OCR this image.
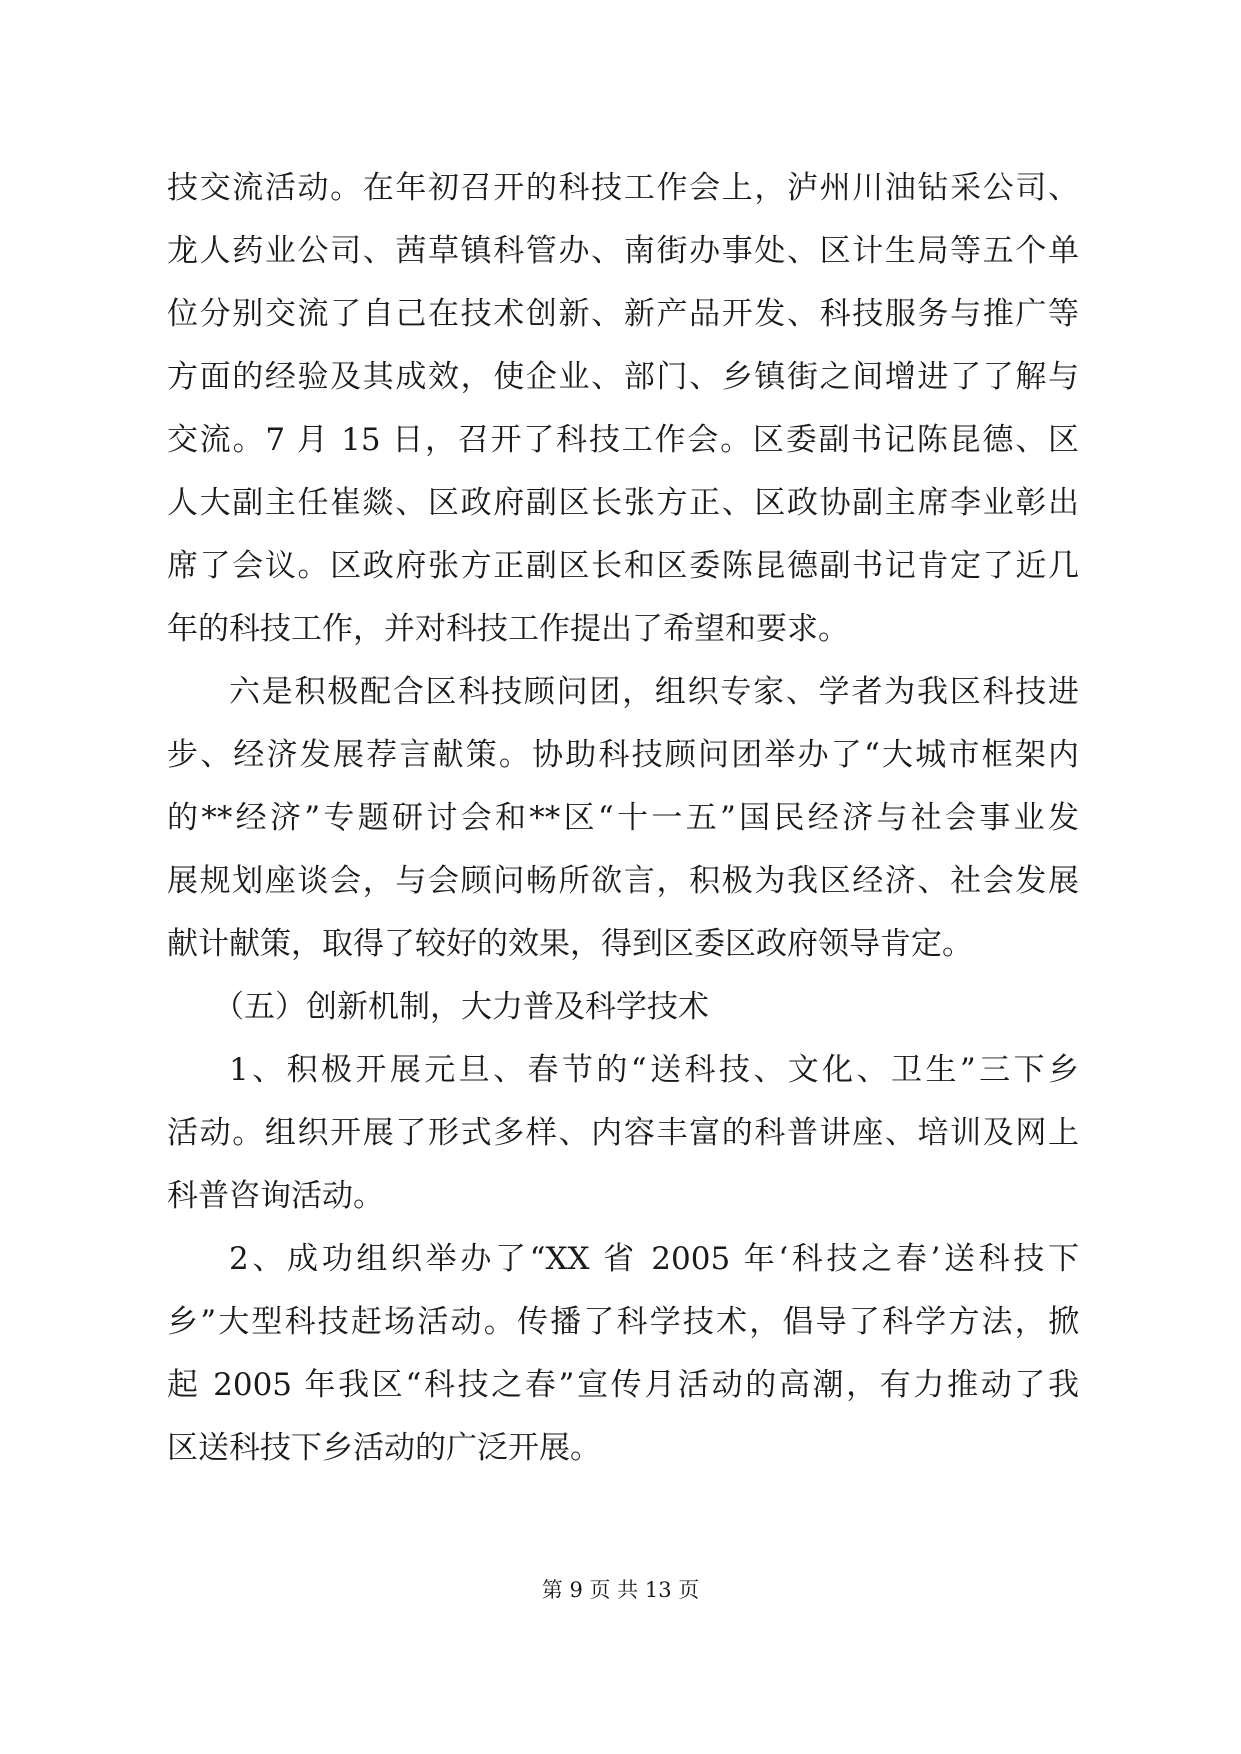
技交流活动。在年初召开的科技工作会上，泸州川油钻采公司、
龙人药业公司、茜草镇科管办、南街办事处、区计生局等五个单
位分别交流了自己在技术创新、新产品开发、科技服务与推广等
方面的经验及其成效，使企业、部门、乡镇街之间增进了了解与
交流。7 月 15 日，召开了科技工作会。区委副书记陈昆德、区
人大副主任崔燚、区政府副区长张方正、区政协副主席李业彰出
席了会议。区政府张方正副区长和区委陈昆德副书记肯定了近几
年的科技工作，并对科技工作提出了希望和要求。
六是积极配合区科技顾问团，组织专家、学者为我区科技进
步、经济发展荐言献策。协助科技顾问团举办了“大城市框架内
的**经济”专题研讨会和**区“十一五”国民经济与社会事业发
展规划座谈会，与会顾问畅所欲言，积极为我区经济、社会发展
献计献策，取得了较好的效果，得到区委区政府领导肯定。
（五）创新机制，大力普及科学技术
1、积极开展元旦、春节的“送科技、文化、卫生”三下乡
活动。组织开展了形式多样、内容丰富的科普讲座、培训及网上
科普咨询活动。
2、成功组织举办了“XX 省 2005 年‘科技之春’送科技下
乡”大型科技赶场活动。传播了科学技术，倡导了科学方法，掀
起 2005 年我区“科技之春”宣传月活动的高潮，有力推动了我
区送科技下乡活动的广泛开展。
第 9 页 共 13 页
